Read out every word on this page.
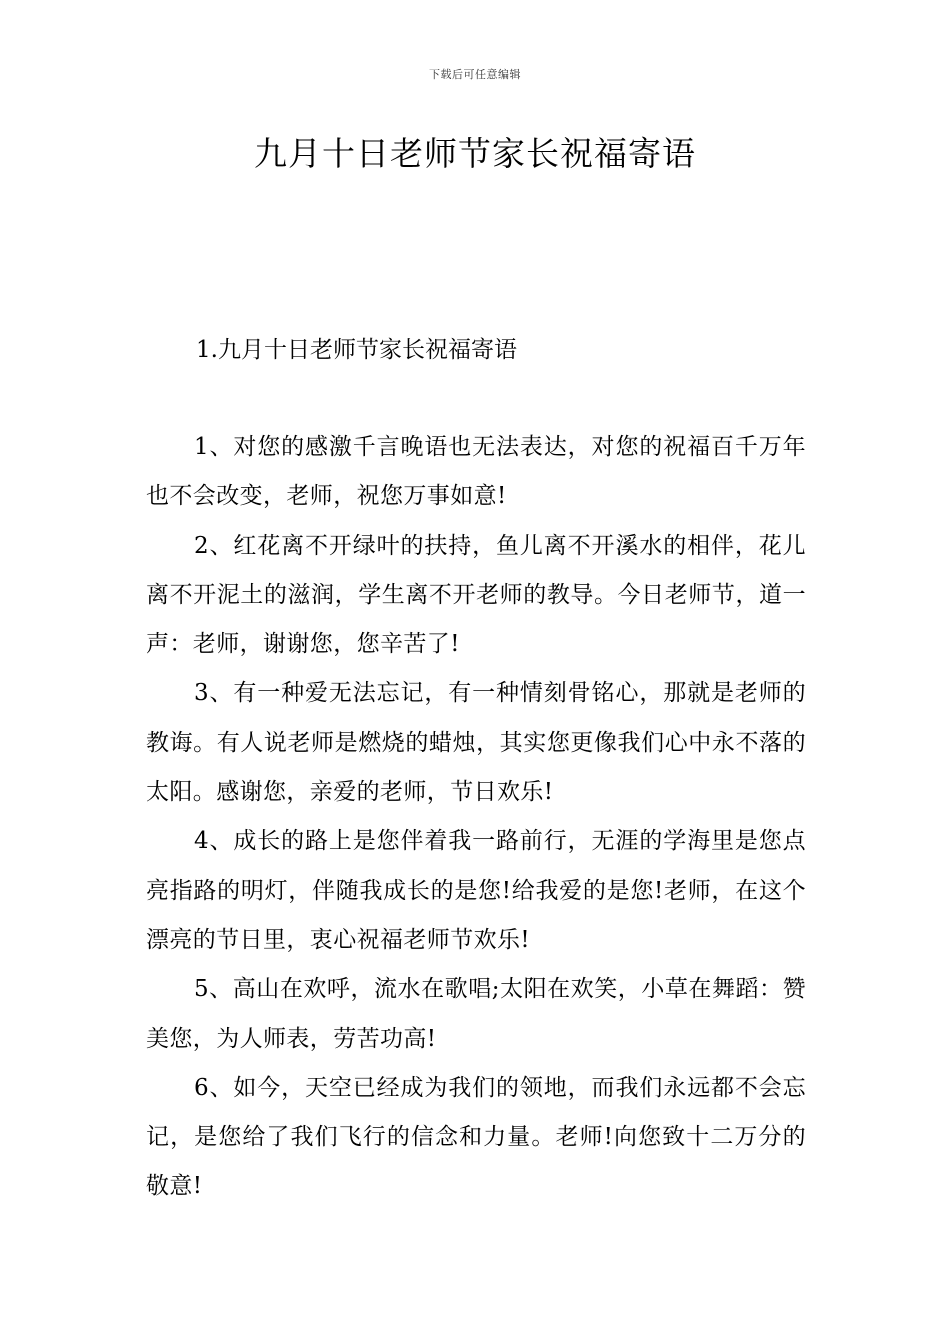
下载后可任意编辑
九月十日老师节家长祝福寄语
1.九月十日老师节家长祝福寄语

1、对您的感激千言晚语也无法表达，对您的祝福百千万年也不会改变，老师，祝您万事如意!

2、红花离不开绿叶的扶持，鱼儿离不开溪水的相伴，花儿离不开泥土的滋润，学生离不开老师的教导。今日老师节，道一声：老师，谢谢您，您辛苦了!

3、有一种爱无法忘记，有一种情刻骨铭心，那就是老师的教诲。有人说老师是燃烧的蜡烛，其实您更像我们心中永不落的太阳。感谢您，亲爱的老师，节日欢乐!

4、成长的路上是您伴着我一路前行，无涯的学海里是您点亮指路的明灯，伴随我成长的是您!给我爱的是您!老师，在这个漂亮的节日里，衷心祝福老师节欢乐!

5、高山在欢呼，流水在歌唱;太阳在欢笑，小草在舞蹈：赞美您，为人师表，劳苦功高!

6、如今，天空已经成为我们的领地，而我们永远都不会忘记，是您给了我们飞行的信念和力量。老师!向您致十二万分的敬意!
